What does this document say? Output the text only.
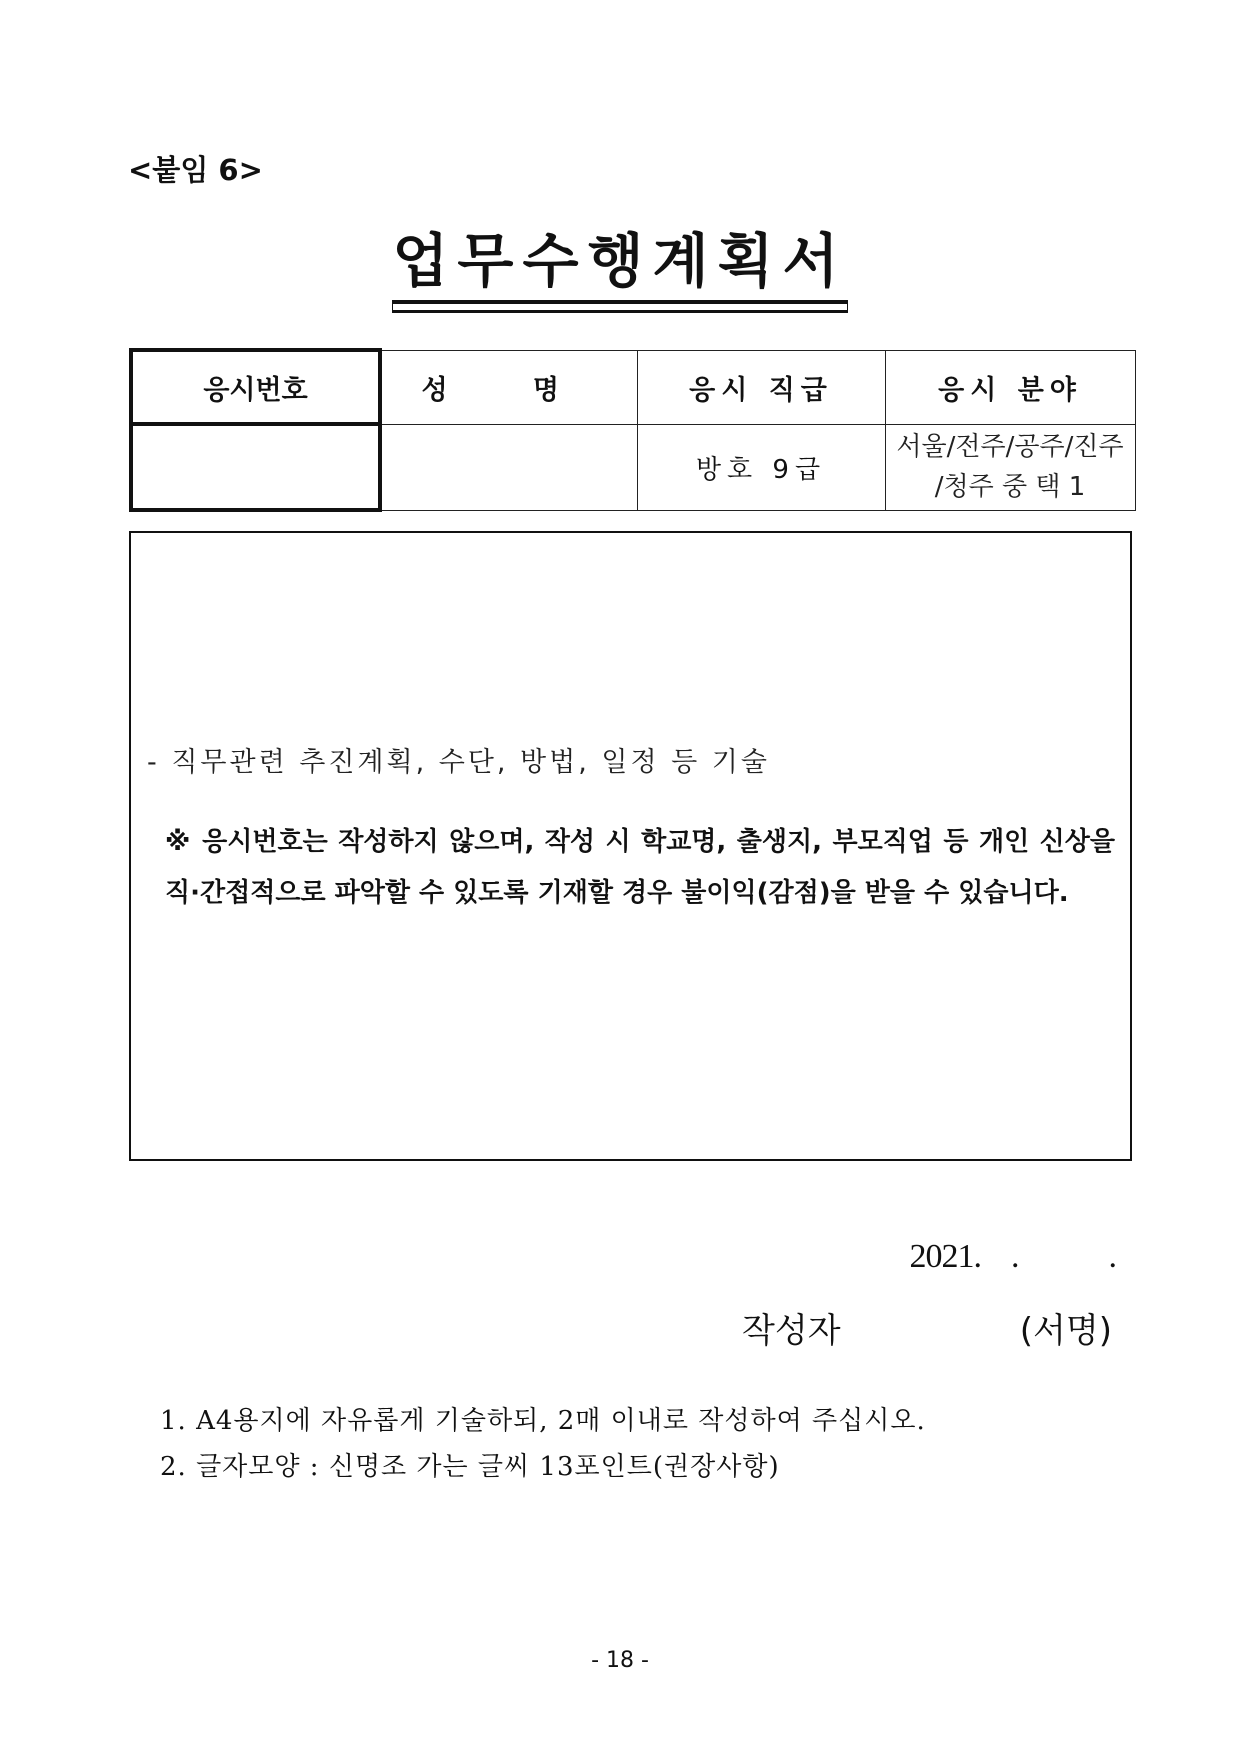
<붙임 6>
업무수행계획서
응시번호	성 명	응시 직급	응시 분야
		방호 9급	서울/전주/공주/진주
/청주 중 택 1
- 직무관련 추진계획, 수단, 방법, 일정 등 기술
※ 응시번호는 작성하지 않으며, 작성 시 학교명, 출생지, 부모직업 등 개인 신상을 직·간접적으로 파악할 수 있도록 기재할 경우 불이익(감점)을 받을 수 있습니다.
2021. .	.
작성자	(서명)
1. A4용지에 자유롭게 기술하되, 2매 이내로 작성하여 주십시오.
2. 글자모양 : 신명조 가는 글씨 13포인트(권장사항)
- 18 -
